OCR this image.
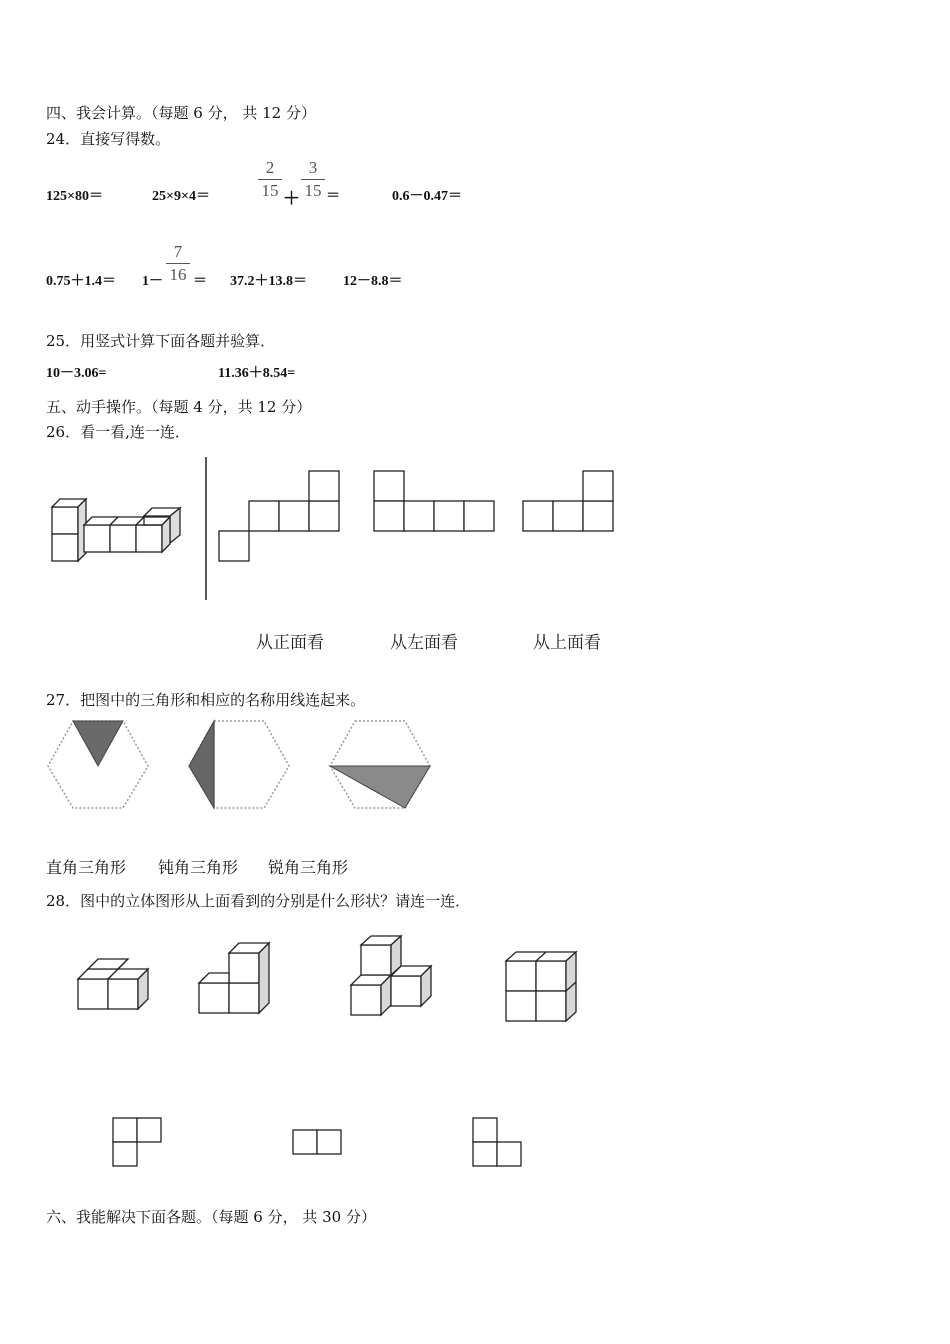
四、我会计算。（每题 6 分， 共 12 分）
24．直接写得数。
125×80＝	25×9×4＝
2
15 ＋
3
15 ＝	0.6－0.47＝
0.75＋1.4＝ 1－
7
16 ＝ 37.2＋13.8＝	12－8.8＝
25．用竖式计算下面各题并验算．
10－3.06=	11.36＋8.54=
五、动手操作。（每题 4 分，共 12 分）
26．看一看,连一连．
从正面看	从左面看	从上面看
27．把图中的三角形和相应的名称用线连起来。
直角三角形 钝角三角形 锐角三角形
28．图中的立体图形从上面看到的分别是什么形状？请连一连．
六、我能解决下面各题。（每题 6 分， 共 30 分）
